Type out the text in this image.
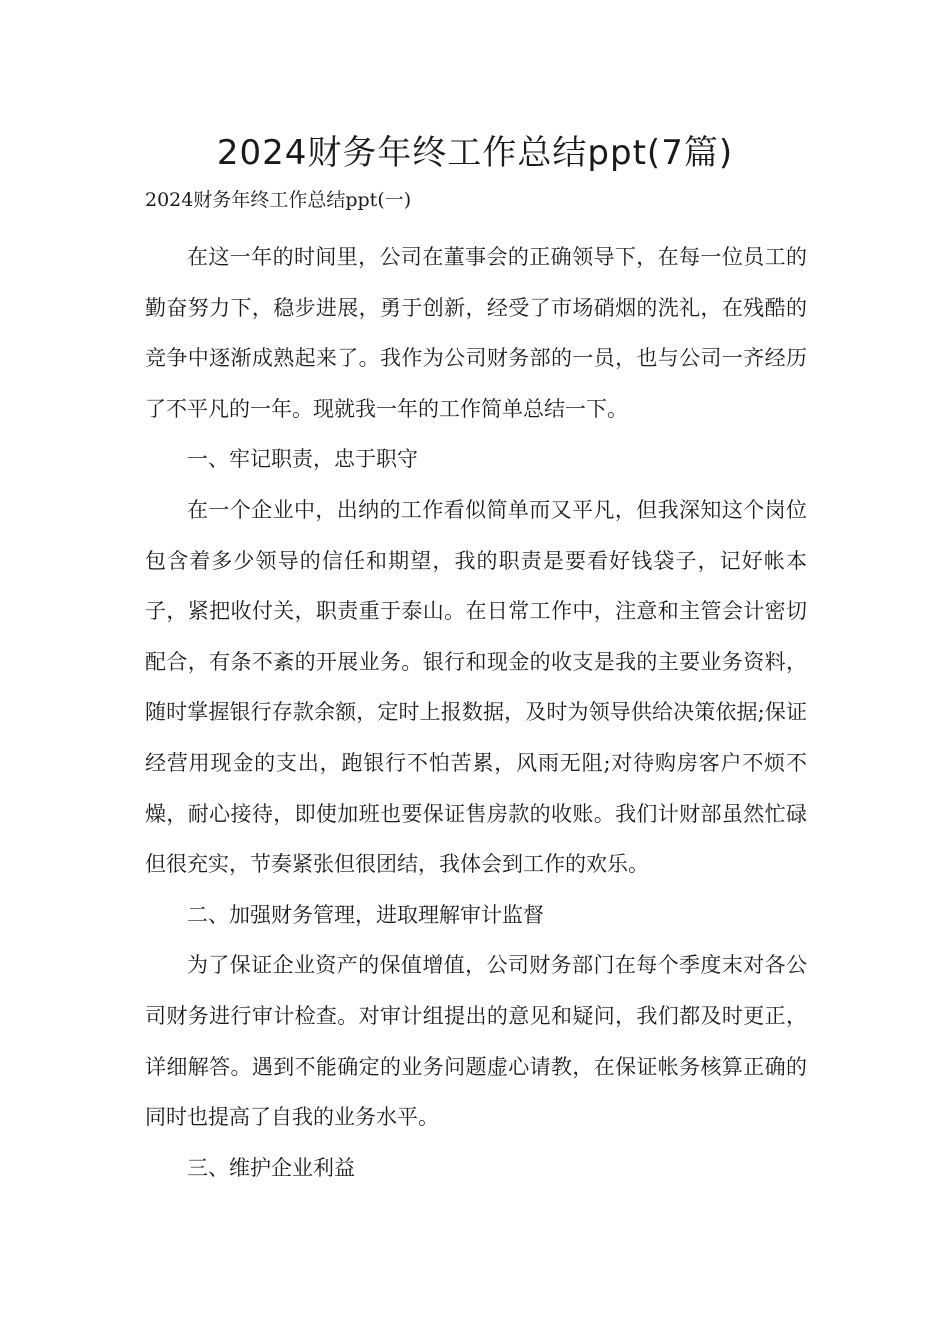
2024财务年终工作总结ppt(7篇)

2024财务年终工作总结ppt(一)

在这一年的时间里，公司在董事会的正确领导下，在每一位员工的勤奋努力下，稳步进展，勇于创新，经受了市场硝烟的洗礼，在残酷的竞争中逐渐成熟起来了。我作为公司财务部的一员，也与公司一齐经历了不平凡的一年。现就我一年的工作简单总结一下。

一、牢记职责，忠于职守

在一个企业中，出纳的工作看似简单而又平凡，但我深知这个岗位包含着多少领导的信任和期望，我的职责是要看好钱袋子，记好帐本子，紧把收付关，职责重于泰山。在日常工作中，注意和主管会计密切配合，有条不紊的开展业务。银行和现金的收支是我的主要业务资料，随时掌握银行存款余额，定时上报数据，及时为领导供给决策依据;保证经营用现金的支出，跑银行不怕苦累，风雨无阻;对待购房客户不烦不燥，耐心接待，即使加班也要保证售房款的收账。我们计财部虽然忙碌但很充实，节奏紧张但很团结，我体会到工作的欢乐。

二、加强财务管理，进取理解审计监督

为了保证企业资产的保值增值，公司财务部门在每个季度末对各公司财务进行审计检查。对审计组提出的意见和疑问，我们都及时更正，详细解答。遇到不能确定的业务问题虚心请教，在保证帐务核算正确的同时也提高了自我的业务水平。

三、维护企业利益
